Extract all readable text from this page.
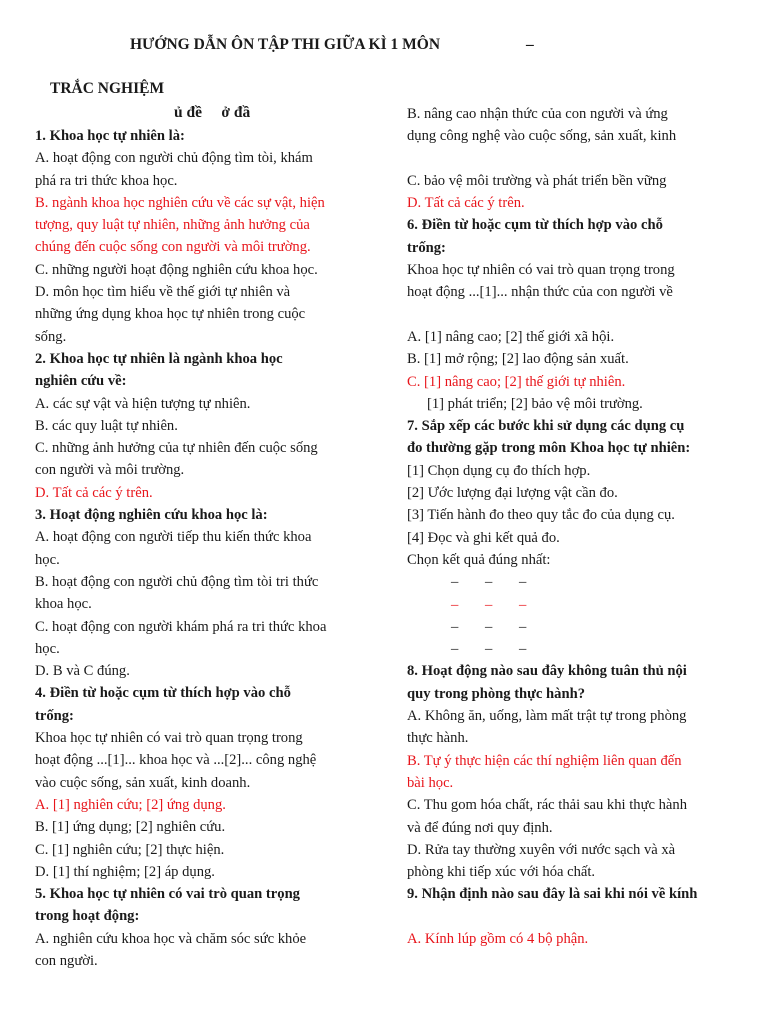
HƯỚNG DẪN ÔN TẬP THI GIỮA KÌ 1 MÔN	–
TRẮC NGHIỆM
ủ đề     ở đầ
1. Khoa học tự nhiên là:
A. hoạt động con người chủ động tìm tòi, khám
phá ra tri thức khoa học.
B. ngành khoa học nghiên cứu về các sự vật, hiện
tượng, quy luật tự nhiên, những ảnh hưởng của
chúng đến cuộc sống con người và môi trường.
C. những người hoạt động nghiên cứu khoa học.
D. môn học tìm hiểu về thế giới tự nhiên và
những ứng dụng khoa học tự nhiên trong cuộc
sống.
2. Khoa học tự nhiên là ngành khoa học
nghiên cứu về:
A. các sự vật và hiện tượng tự nhiên.
B. các quy luật tự nhiên.
C. những ảnh hưởng của tự nhiên đến cuộc sống
con người và môi trường.
D. Tất cả các ý trên.
3. Hoạt động nghiên cứu khoa học là:
A. hoạt động con người tiếp thu kiến thức khoa
học.
B. hoạt động con người chủ động tìm tòi tri thức
khoa học.
C. hoạt động con người khám phá ra tri thức khoa
học.
D. B và C đúng.
4. Điền từ hoặc cụm từ thích hợp vào chỗ
trống:
Khoa học tự nhiên có vai trò quan trọng trong
hoạt động ...[1]... khoa học và ...[2]... công nghệ
vào cuộc sống, sản xuất, kinh doanh.
A. [1] nghiên cứu; [2] ứng dụng.
B. [1] ứng dụng; [2] nghiên cứu.
C. [1] nghiên cứu; [2] thực hiện.
D. [1] thí nghiệm; [2] áp dụng.
5. Khoa học tự nhiên có vai trò quan trọng
trong hoạt động:
A. nghiên cứu khoa học và chăm sóc sức khỏe
con người.
B. nâng cao nhận thức của con người và ứng
dụng công nghệ vào cuộc sống, sản xuất, kinh
C. bảo vệ môi trường và phát triển bền vững
D. Tất cả các ý trên.
6. Điền từ hoặc cụm từ thích hợp vào chỗ
trống:
Khoa học tự nhiên có vai trò quan trọng trong
hoạt động ...[1]... nhận thức của con người về
A. [1] nâng cao; [2] thế giới xã hội.
B. [1] mở rộng; [2] lao động sản xuất.
C. [1] nâng cao; [2] thế giới tự nhiên.
[1] phát triển; [2] bảo vệ môi trường.
7. Sắp xếp các bước khi sử dụng các dụng cụ
đo thường gặp trong môn Khoa học tự nhiên:
[1] Chọn dụng cụ đo thích hợp.
[2] Ước lượng đại lượng vật cần đo.
[3] Tiến hành đo theo quy tắc đo của dụng cụ.
[4] Đọc và ghi kết quả đo.
Chọn kết quả đúng nhất:
–	–	–
–	–	–
–	–	–
–	–	–
8. Hoạt động nào sau đây không tuân thủ nội
quy trong phòng thực hành?
A. Không ăn, uống, làm mất trật tự trong phòng
thực hành.
B. Tự ý thực hiện các thí nghiệm liên quan đến
bài học.
C. Thu gom hóa chất, rác thải sau khi thực hành
và để đúng nơi quy định.
D. Rửa tay thường xuyên với nước sạch và xà
phòng khi tiếp xúc với hóa chất.
9. Nhận định nào sau đây là sai khi nói về kính
A. Kính lúp gồm có 4 bộ phận.
